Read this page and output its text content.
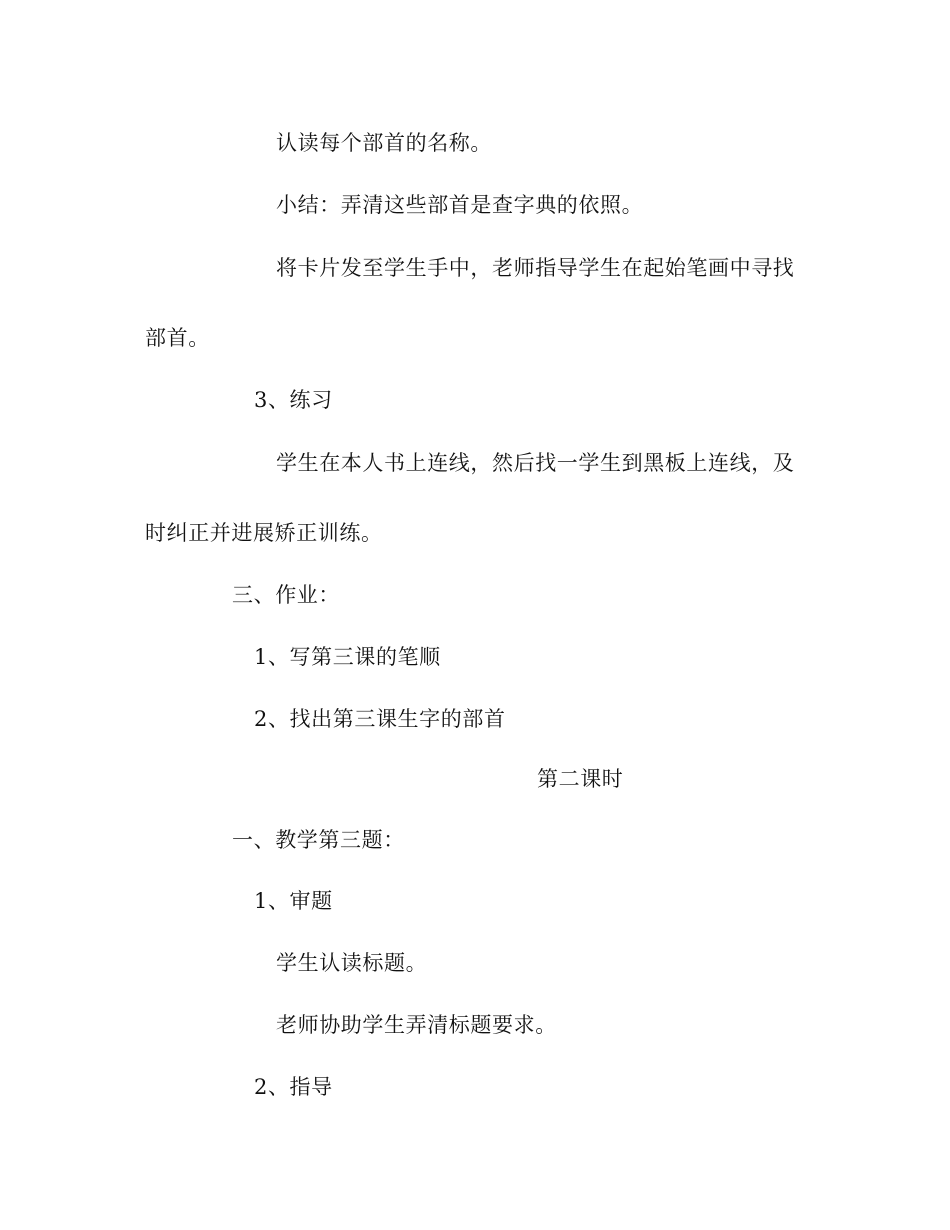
认读每个部首的名称。
小结：弄清这些部首是查字典的依照。
将卡片发至学生手中，老师指导学生在起始笔画中寻找
部首。
3、练习
学生在本人书上连线，然后找一学生到黑板上连线，及
时纠正并进展矫正训练。
三、作业：
1、写第三课的笔顺
2、找出第三课生字的部首
第二课时
一、教学第三题：
1、审题
学生认读标题。
老师协助学生弄清标题要求。
2、指导
